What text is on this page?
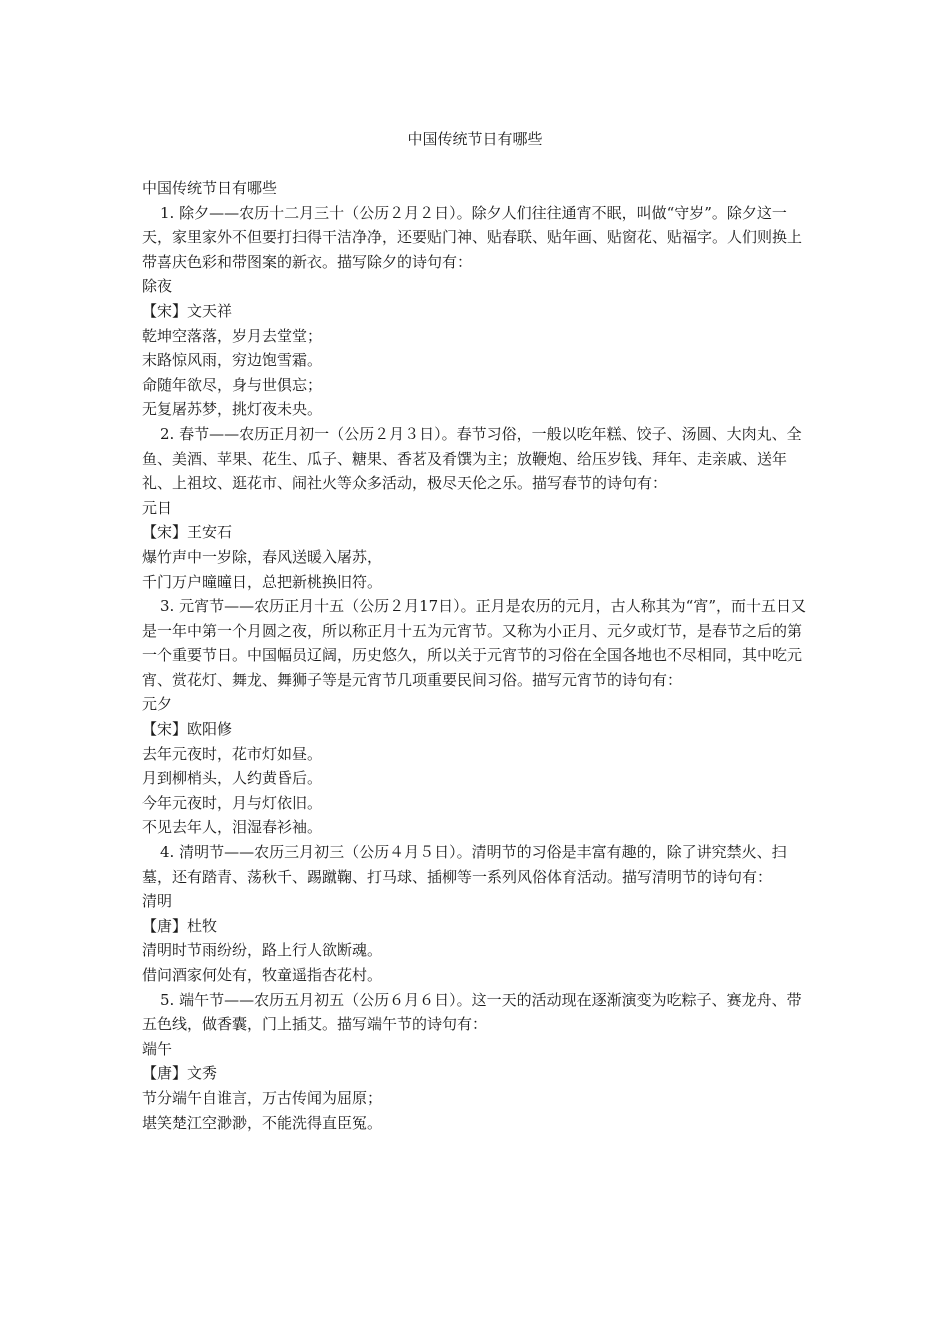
中国传统节日有哪些

中国传统节日有哪些

1. 除夕——农历十二月三十（公历２月２日）。除夕人们往往通宵不眠，叫做“守岁”。除夕这一天，家里家外不但要打扫得干洁净净，还要贴门神、贴春联、贴年画、贴窗花、贴福字。人们则换上带喜庆色彩和带图案的新衣。描写除夕的诗句有：

除夜

【宋】文天祥

乾坤空落落，岁月去堂堂；

末路惊风雨，穷边饱雪霜。

命随年欲尽，身与世俱忘；

无复屠苏梦，挑灯夜未央。

2. 春节——农历正月初一（公历２月３日）。春节习俗，一般以吃年糕、饺子、汤圆、大肉丸、全鱼、美酒、苹果、花生、瓜子、糖果、香茗及肴馔为主；放鞭炮、给压岁钱、拜年、走亲戚、送年礼、上祖坟、逛花市、闹社火等众多活动，极尽天伦之乐。描写春节的诗句有：

元日

【宋】王安石

爆竹声中一岁除，春风送暖入屠苏，

千门万户曈曈日，总把新桃换旧符。

3. 元宵节——农历正月十五（公历２月17日）。正月是农历的元月，古人称其为“宵”，而十五日又是一年中第一个月圆之夜，所以称正月十五为元宵节。又称为小正月、元夕或灯节，是春节之后的第一个重要节日。中国幅员辽阔，历史悠久，所以关于元宵节的习俗在全国各地也不尽相同，其中吃元宵、赏花灯、舞龙、舞狮子等是元宵节几项重要民间习俗。描写元宵节的诗句有：

元夕

【宋】欧阳修

去年元夜时，花市灯如昼。

月到柳梢头，人约黄昏后。

今年元夜时，月与灯依旧。

不见去年人，泪湿春衫袖。

4. 清明节——农历三月初三（公历４月５日）。清明节的习俗是丰富有趣的，除了讲究禁火、扫墓，还有踏青、荡秋千、踢蹴鞠、打马球、插柳等一系列风俗体育活动。描写清明节的诗句有：

清明

【唐】杜牧

清明时节雨纷纷，路上行人欲断魂。

借问酒家何处有，牧童遥指杏花村。

5. 端午节——农历五月初五（公历６月６日）。这一天的活动现在逐渐演变为吃粽子、赛龙舟、带五色线，做香囊，门上插艾。描写端午节的诗句有：

端午

【唐】文秀

节分端午自谁言，万古传闻为屈原；

堪笑楚江空渺渺，不能洗得直臣冤。
